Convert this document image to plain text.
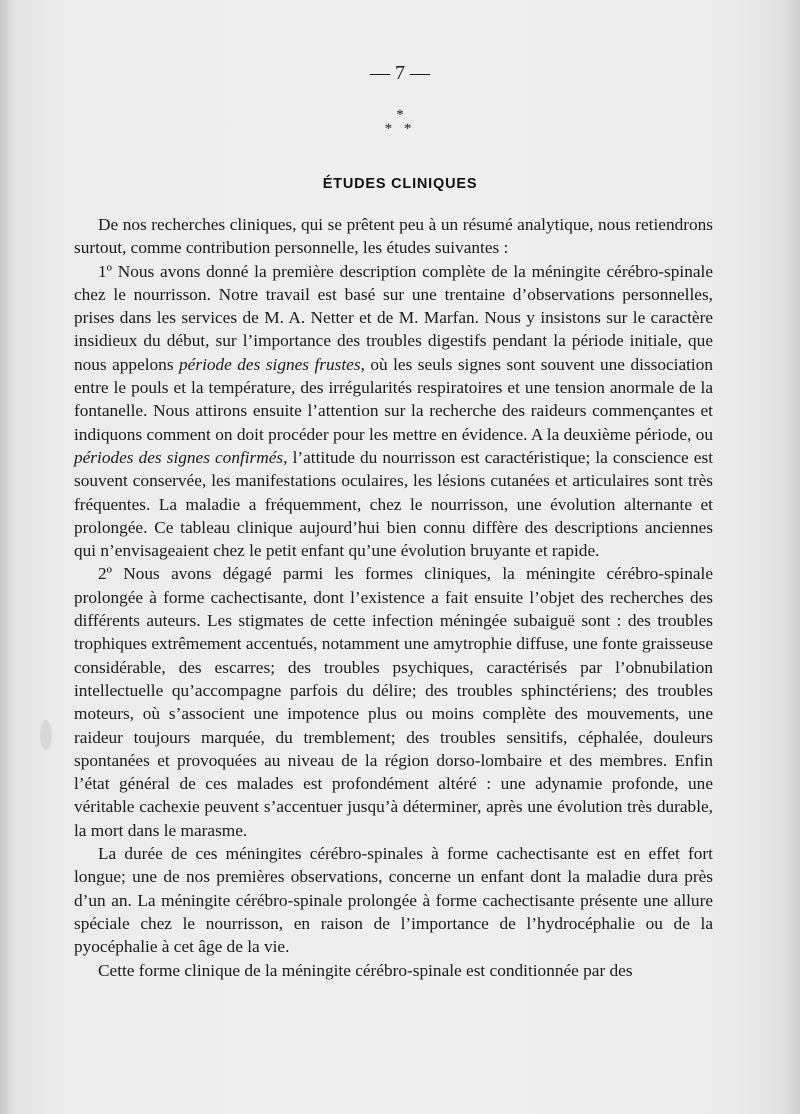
— 7 —
*
* *
ÉTUDES CLINIQUES

De nos recherches cliniques, qui se prêtent peu à un résumé analytique, nous retiendrons surtout, comme contribution personnelle, les études suivantes :

1º Nous avons donné la première description complète de la méningite cérébro-spinale chez le nourrisson. Notre travail est basé sur une trentaine d’observations personnelles, prises dans les services de M. A. Netter et de M. Marfan. Nous y insistons sur le caractère insidieux du début, sur l’importance des troubles digestifs pendant la période initiale, que nous appelons période des signes frustes, où les seuls signes sont souvent une dissociation entre le pouls et la température, des irrégularités respiratoires et une tension anormale de la fontanelle. Nous attirons ensuite l’attention sur la recherche des raideurs commençantes et indiquons comment on doit procéder pour les mettre en évidence. A la deuxième période, ou périodes des signes confirmés, l’attitude du nourrisson est caractéristique; la conscience est souvent conservée, les manifestations oculaires, les lésions cutanées et articulaires sont très fréquentes. La maladie a fréquemment, chez le nourrisson, une évolution alternante et prolongée. Ce tableau clinique aujourd’hui bien connu diffère des descriptions anciennes qui n’envisageaient chez le petit enfant qu’une évolution bruyante et rapide.

2º Nous avons dégagé parmi les formes cliniques, la méningite cérébro-spinale prolongée à forme cachectisante, dont l’existence a fait ensuite l’objet des recherches des différents auteurs. Les stigmates de cette infection méningée subaiguë sont : des troubles trophiques extrêmement accentués, notamment une amytrophie diffuse, une fonte graisseuse considérable, des escarres; des troubles psychiques, caractérisés par l’obnubilation intellectuelle qu’accompagne parfois du délire; des troubles sphinctériens; des troubles moteurs, où s’associent une impotence plus ou moins complète des mouvements, une raideur toujours marquée, du tremblement; des troubles sensitifs, céphalée, douleurs spontanées et provoquées au niveau de la région dorso-lombaire et des membres. Enfin l’état général de ces malades est profondément altéré : une adynamie profonde, une véritable cachexie peuvent s’accentuer jusqu’à déterminer, après une évolution très durable, la mort dans le marasme.

La durée de ces méningites cérébro-spinales à forme cachectisante est en effet fort longue; une de nos premières observations, concerne un enfant dont la maladie dura près d’un an. La méningite cérébro-spinale prolongée à forme cachectisante présente une allure spéciale chez le nourrisson, en raison de l’importance de l’hydrocéphalie ou de la pyocéphalie à cet âge de la vie.

Cette forme clinique de la méningite cérébro-spinale est conditionnée par des
